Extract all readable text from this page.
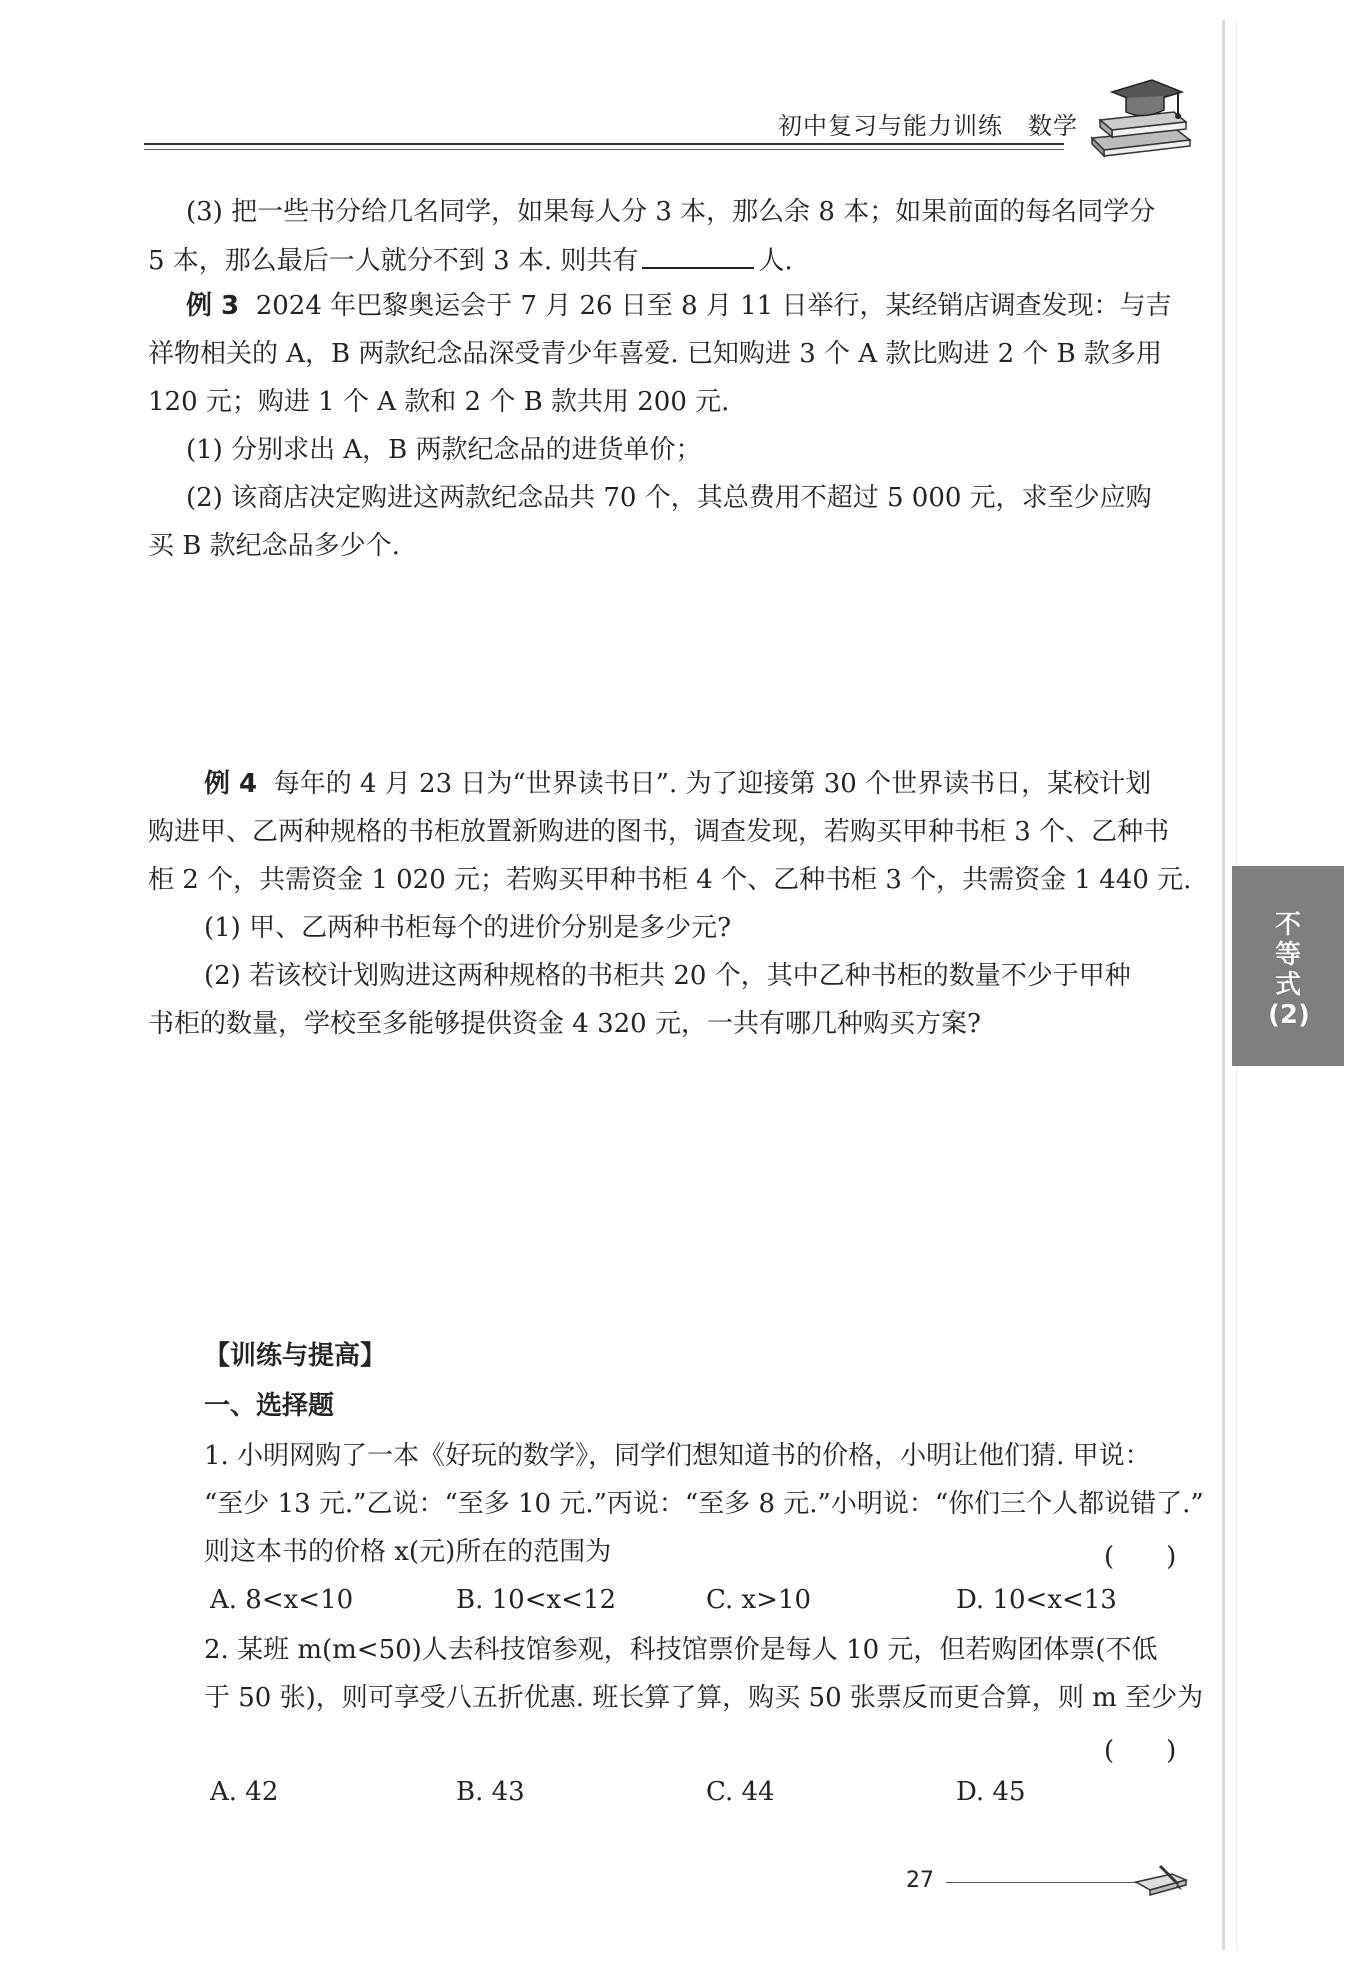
初中复习与能力训练　数学
(3) 把一些书分给几名同学，如果每人分 3 本，那么余 8 本；如果前面的每名同学分
5 本，那么最后一人就分不到 3 本. 则共有	人.
例 3 2024 年巴黎奥运会于 7 月 26 日至 8 月 11 日举行，某经销店调查发现：与吉
祥物相关的 A，B 两款纪念品深受青少年喜爱. 已知购进 3 个 A 款比购进 2 个 B 款多用
120 元；购进 1 个 A 款和 2 个 B 款共用 200 元.
(1) 分别求出 A，B 两款纪念品的进货单价；
(2) 该商店决定购进这两款纪念品共 70 个，其总费用不超过 5 000 元，求至少应购
买 B 款纪念品多少个.
例 4 每年的 4 月 23 日为“世界读书日”. 为了迎接第 30 个世界读书日，某校计划
购进甲、乙两种规格的书柜放置新购进的图书，调查发现，若购买甲种书柜 3 个、乙种书
柜 2 个，共需资金 1 020 元；若购买甲种书柜 4 个、乙种书柜 3 个，共需资金 1 440 元.
(1) 甲、乙两种书柜每个的进价分别是多少元?
(2) 若该校计划购进这两种规格的书柜共 20 个，其中乙种书柜的数量不少于甲种
书柜的数量，学校至多能够提供资金 4 320 元，一共有哪几种购买方案?
【训练与提高】
一、选择题
1. 小明网购了一本《好玩的数学》，同学们想知道书的价格，小明让他们猜. 甲说：
“至少 13 元.”乙说：“至多 10 元.”丙说：“至多 8 元.”小明说：“你们三个人都说错了.”
则这本书的价格 x(元)所在的范围为	(　　)
A. 8<x<10	B. 10<x<12	C. x>10	D. 10<x<13
2. 某班 m(m<50)人去科技馆参观，科技馆票价是每人 10 元，但若购团体票(不低
于 50 张)，则可享受八五折优惠. 班长算了算，购买 50 张票反而更合算，则 m 至少为
(　　)
A. 42	B. 43	C. 44	D. 45
不等式(2)
27
